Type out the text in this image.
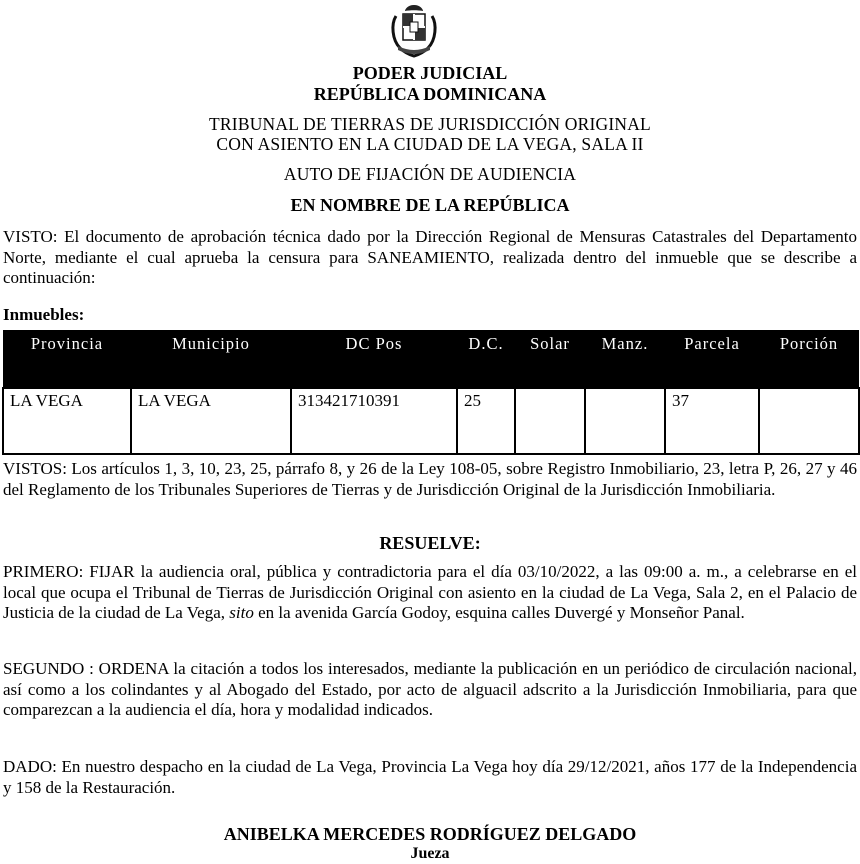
PODER JUDICIAL
REPÚBLICA DOMINICANA
TRIBUNAL DE TIERRAS DE JURISDICCIÓN ORIGINAL
CON ASIENTO EN LA CIUDAD DE LA VEGA, SALA II
AUTO DE FIJACIÓN DE AUDIENCIA
EN NOMBRE DE LA REPÚBLICA
VISTO: El documento de aprobación técnica dado por la Dirección Regional de Mensuras Catastrales del Departamento Norte, mediante el cual aprueba la censura para SANEAMIENTO, realizada dentro del inmueble que se describe a continuación:
Inmuebles:
Provincia	Municipio	DC Pos	D.C.	Solar	Manz.	Parcela	Porción
LA VEGA	LA VEGA	313421710391	25			37	
VISTOS: Los artículos 1, 3, 10, 23, 25, párrafo 8, y 26 de la Ley 108-05, sobre Registro Inmobiliario, 23, letra P, 26, 27 y 46 del Reglamento de los Tribunales Superiores de Tierras y de Jurisdicción Original de la Jurisdicción Inmobiliaria.
RESUELVE:
PRIMERO: FIJAR la audiencia oral, pública y contradictoria para el día 03/10/2022, a las 09:00 a. m., a celebrarse en el local que ocupa el Tribunal de Tierras de Jurisdicción Original con asiento en la ciudad de La Vega, Sala 2, en el Palacio de Justicia de la ciudad de La Vega, sito en la avenida García Godoy, esquina calles Duvergé y Monseñor Panal.
SEGUNDO : ORDENA la citación a todos los interesados, mediante la publicación en un periódico de circulación nacional, así como a los colindantes y al Abogado del Estado, por acto de alguacil adscrito a la Jurisdicción Inmobiliaria, para que comparezcan a la audiencia el día, hora y modalidad indicados.
DADO: En nuestro despacho en la ciudad de La Vega, Provincia La Vega hoy día 29/12/2021, años 177 de la Independencia y 158 de la Restauración.
ANIBELKA MERCEDES RODRÍGUEZ DELGADO
Jueza
